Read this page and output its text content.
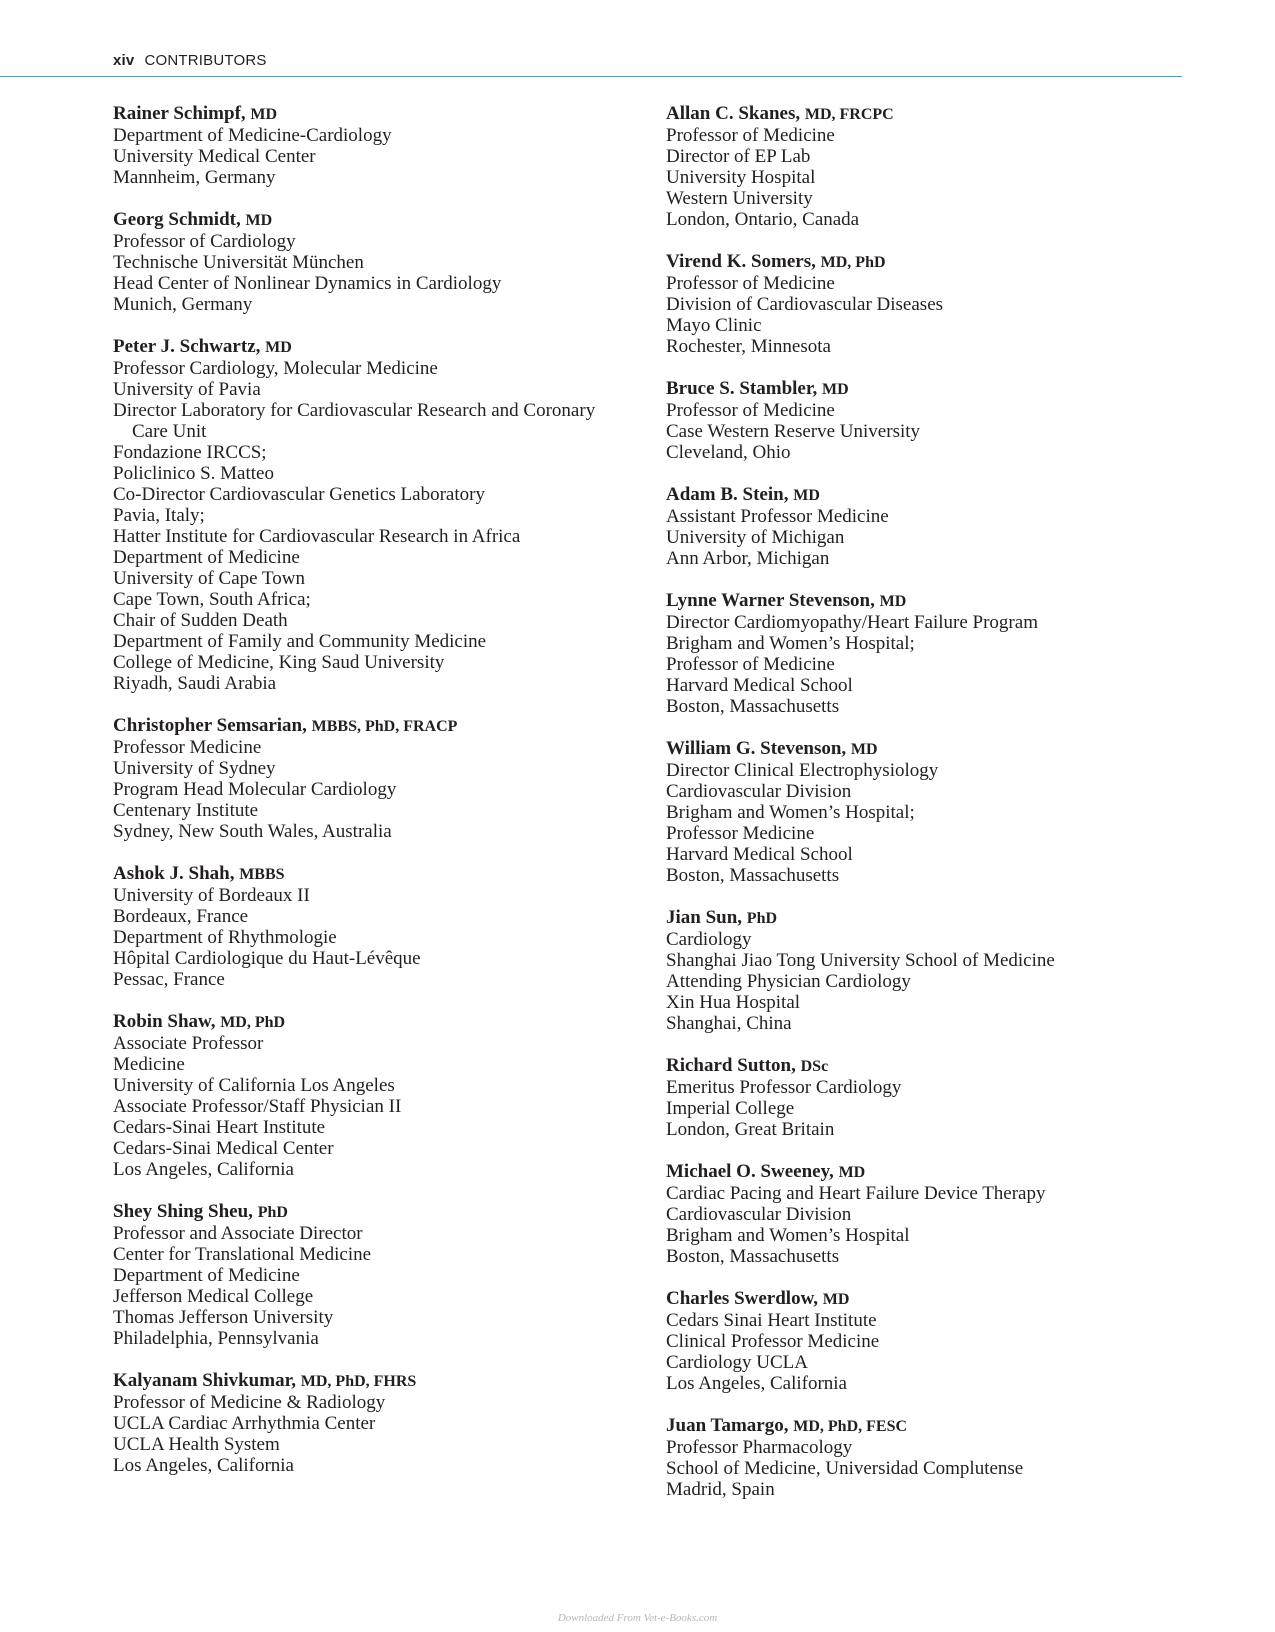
xiv CONTRIBUTORS
Rainer Schimpf, MD
Department of Medicine-Cardiology
University Medical Center
Mannheim, Germany
Georg Schmidt, MD
Professor of Cardiology
Technische Universität München
Head Center of Nonlinear Dynamics in Cardiology
Munich, Germany
Peter J. Schwartz, MD
Professor Cardiology, Molecular Medicine
University of Pavia
Director Laboratory for Cardiovascular Research and Coronary
Care Unit
Fondazione IRCCS;
Policlinico S. Matteo
Co-Director Cardiovascular Genetics Laboratory
Pavia, Italy;
Hatter Institute for Cardiovascular Research in Africa
Department of Medicine
University of Cape Town
Cape Town, South Africa;
Chair of Sudden Death
Department of Family and Community Medicine
College of Medicine, King Saud University
Riyadh, Saudi Arabia
Christopher Semsarian, MBBS, PhD, FRACP
Professor Medicine
University of Sydney
Program Head Molecular Cardiology
Centenary Institute
Sydney, New South Wales, Australia
Ashok J. Shah, MBBS
University of Bordeaux II
Bordeaux, France
Department of Rhythmologie
Hôpital Cardiologique du Haut-Lévêque
Pessac, France
Robin Shaw, MD, PhD
Associate Professor
Medicine
University of California Los Angeles
Associate Professor/Staff Physician II
Cedars-Sinai Heart Institute
Cedars-Sinai Medical Center
Los Angeles, California
Shey Shing Sheu, PhD
Professor and Associate Director
Center for Translational Medicine
Department of Medicine
Jefferson Medical College
Thomas Jefferson University
Philadelphia, Pennsylvania
Kalyanam Shivkumar, MD, PhD, FHRS
Professor of Medicine & Radiology
UCLA Cardiac Arrhythmia Center
UCLA Health System
Los Angeles, California
Allan C. Skanes, MD, FRCPC
Professor of Medicine
Director of EP Lab
University Hospital
Western University
London, Ontario, Canada
Virend K. Somers, MD, PhD
Professor of Medicine
Division of Cardiovascular Diseases
Mayo Clinic
Rochester, Minnesota
Bruce S. Stambler, MD
Professor of Medicine
Case Western Reserve University
Cleveland, Ohio
Adam B. Stein, MD
Assistant Professor Medicine
University of Michigan
Ann Arbor, Michigan
Lynne Warner Stevenson, MD
Director Cardiomyopathy/Heart Failure Program
Brigham and Women’s Hospital;
Professor of Medicine
Harvard Medical School
Boston, Massachusetts
William G. Stevenson, MD
Director Clinical Electrophysiology
Cardiovascular Division
Brigham and Women’s Hospital;
Professor Medicine
Harvard Medical School
Boston, Massachusetts
Jian Sun, PhD
Cardiology
Shanghai Jiao Tong University School of Medicine
Attending Physician Cardiology
Xin Hua Hospital
Shanghai, China
Richard Sutton, DSc
Emeritus Professor Cardiology
Imperial College
London, Great Britain
Michael O. Sweeney, MD
Cardiac Pacing and Heart Failure Device Therapy
Cardiovascular Division
Brigham and Women’s Hospital
Boston, Massachusetts
Charles Swerdlow, MD
Cedars Sinai Heart Institute
Clinical Professor Medicine
Cardiology UCLA
Los Angeles, California
Juan Tamargo, MD, PhD, FESC
Professor Pharmacology
School of Medicine, Universidad Complutense
Madrid, Spain
Downloaded From Vet-e-Books.com
